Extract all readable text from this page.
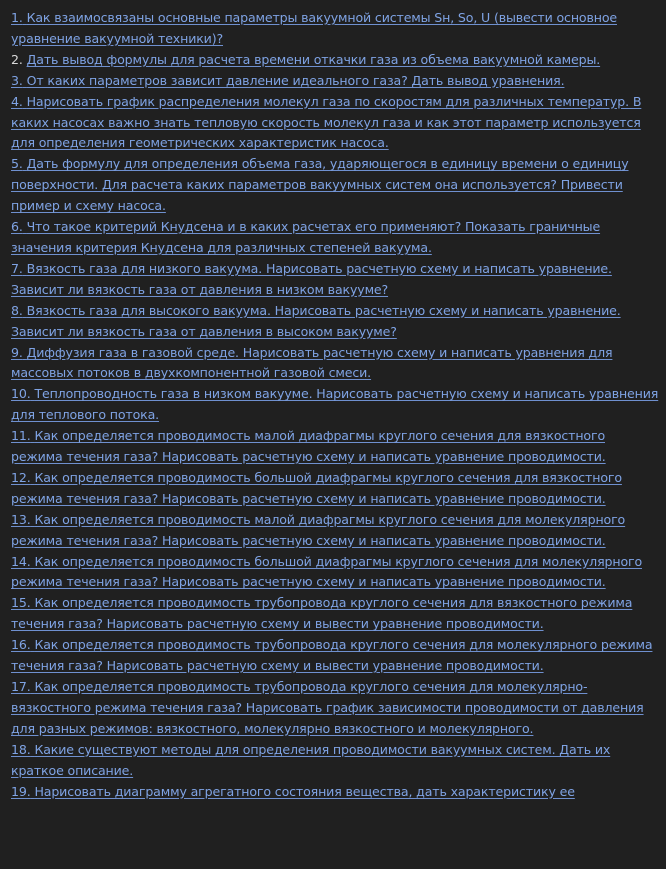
1. Как взаимосвязаны основные параметры вакуумной системы Sн, So, U (вывести основное уравнение вакуумной техники)?

2. Дать вывод формулы для расчета времени откачки газа из объема вакуумной камеры.

3. От каких параметров зависит давление идеального газа? Дать вывод уравнения.

4. Нарисовать график распределения молекул газа по скоростям для различных температур. В каких насосах важно знать тепловую скорость молекул газа и как этот параметр используется для определения геометрических характеристик насоса.

5. Дать формулу для определения объема газа, ударяющегося в единицу времени о единицу поверхности. Для расчета каких параметров вакуумных систем она используется? Привести пример и схему насоса.

6. Что такое критерий Кнудсена и в каких расчетах его применяют? Показать граничные значения критерия Кнудсена для различных степеней вакуума.

7. Вязкость газа для низкого вакуума. Нарисовать расчетную схему и написать уравнение. Зависит ли вязкость газа от давления в низком вакууме?

8. Вязкость газа для высокого вакуума. Нарисовать расчетную схему и написать уравнение. Зависит ли вязкость газа от давления в высоком вакууме?

9. Диффузия газа в газовой среде. Нарисовать расчетную схему и написать уравнения для массовых потоков в двухкомпонентной газовой смеси.

10. Теплопроводность газа в низком вакууме. Нарисовать расчетную схему и написать уравнения для теплового потока.

11. Как определяется проводимость малой диафрагмы круглого сечения для вязкостного режима течения газа? Нарисовать расчетную схему и написать уравнение проводимости.

12. Как определяется проводимость большой диафрагмы круглого сечения для вязкостного режима течения газа? Нарисовать расчетную схему и написать уравнение проводимости.

13. Как определяется проводимость малой диафрагмы круглого сечения для молекулярного режима течения газа? Нарисовать расчетную схему и написать уравнение проводимости.

14. Как определяется проводимость большой диафрагмы круглого сечения для молекулярного режима течения газа? Нарисовать расчетную схему и написать уравнение проводимости.

15. Как определяется проводимость трубопровода круглого сечения для вязкостного режима течения газа? Нарисовать расчетную схему и вывести уравнение проводимости.

16. Как определяется проводимость трубопровода круглого сечения для молекулярного режима течения газа? Нарисовать расчетную схему и вывести уравнение проводимости.

17. Как определяется проводимость трубопровода круглого сечения для молекулярно-вязкостного режима течения газа? Нарисовать график зависимости проводимости от давления для разных режимов: вязкостного, молекулярно вязкостного и молекулярного.

18. Какие существуют методы для определения проводимости вакуумных систем. Дать их краткое описание.

19. Нарисовать диаграмму агрегатного состояния вещества, дать характеристику ее
